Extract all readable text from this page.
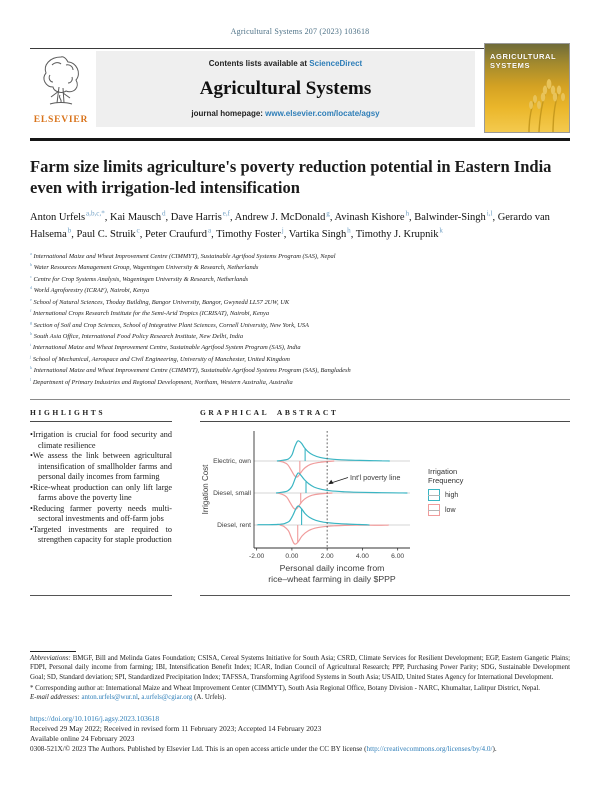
Agricultural Systems 207 (2023) 103618
ELSEVIER
Contents lists available at ScienceDirect
Agricultural Systems
journal homepage: www.elsevier.com/locate/agsy
AGRICULTURAL
SYSTEMS
Farm size limits agriculture's poverty reduction potential in Eastern India even with irrigation-led intensification
Anton Urfels $^{a,b,c,*}$, Kai Mausch $^d$, Dave Harris $^{e,f}$, Andrew J. McDonald $^g$, Avinash Kishore $^h$, Balwinder-Singh $^{i,l}$, Gerardo van Halsema $^b$, Paul C. Struik $^c$, Peter Craufurd $^a$, Timothy Foster $^j$, Vartika Singh $^h$, Timothy J. Krupnik $^k$
$^a$ International Maize and Wheat Improvement Centre (CIMMYT), Sustainable Agrifood Systems Program (SAS), Nepal
$^b$ Water Resources Management Group, Wageningen University & Research, Netherlands
$^c$ Centre for Crop Systems Analysis, Wageningen University & Research, Netherlands
$^d$ World Agroforestry (ICRAF), Nairobi, Kenya
$^e$ School of Natural Sciences, Thoday Building, Bangor University, Bangor, Gwynedd LL57 2UW, UK
$^f$ International Crops Research Institute for the Semi-Arid Tropics (ICRISAT), Nairobi, Kenya
$^g$ Section of Soil and Crop Sciences, School of Integrative Plant Sciences, Cornell University, New York, USA
$^h$ South Asia Office, International Food Policy Research Institute, New Delhi, India
$^i$ International Maize and Wheat Improvement Centre, Sustainable Agrifood System Program (SAS), India
$^j$ School of Mechanical, Aerospace and Civil Engineering, University of Manchester, United Kingdom
$^k$ International Maize and Wheat Improvement Centre (CIMMYT), Sustainable Agrifood Systems Program (SAS), Bangladesh
$^l$ Department of Primary Industries and Regional Development, Northam, Western Australia, Australia
HIGHLIGHTS
• Irrigation is crucial for food security and climate resilience
• We assess the link between agricultural intensification of smallholder farms and personal daily incomes from farming
• Rice-wheat production can only lift large farms above the poverty line
• Reducing farmer poverty needs multi-sectoral investments and off-farm jobs
• Targeted investments are required to strengthen capacity for staple production
GRAPHICAL ABSTRACT
Int'l poverty line
-2.00	0.00	2.00	4.00	6.00
Electric, own
Diesel, small
Diesel, rent
Irrigation Cost
Personal daily income from
rice–wheat farming in daily $PPP
Irrigation
Frequency
high
low

Abbreviations: BMGF, Bill and Melinda Gates Foundation; CSISA, Cereal Systems Initiative for South Asia; CSRD, Climate Services for Resilient Development; EGP, Eastern Gangetic Plains; FDPI, Personal daily income from farming; IBI, Intensification Benefit Index; ICAR, Indian Council of Agricultural Research; PPP, Purchasing Power Parity; SDG, Sustainable Development Goal; SD, Standard deviation; SPI, Standardized Precipitation Index; TAFSSA, Transforming Agrifood Systems in South Asia; USAID, United States Agency for International Development.

* Corresponding author at: International Maize and Wheat Improvement Center (CIMMYT), South Asia Regional Office, Botany Division - NARC, Khumaltar, Lalitpur District, Nepal.

E-mail addresses: anton.urfels@wur.nl, a.urfels@cgiar.org (A. Urfels).

https://doi.org/10.1016/j.agsy.2023.103618
Received 29 May 2022; Received in revised form 11 February 2023; Accepted 14 February 2023
Available online 24 February 2023
0308-521X/© 2023 The Authors. Published by Elsevier Ltd. This is an open access article under the CC BY license (http://creativecommons.org/licenses/by/4.0/).
